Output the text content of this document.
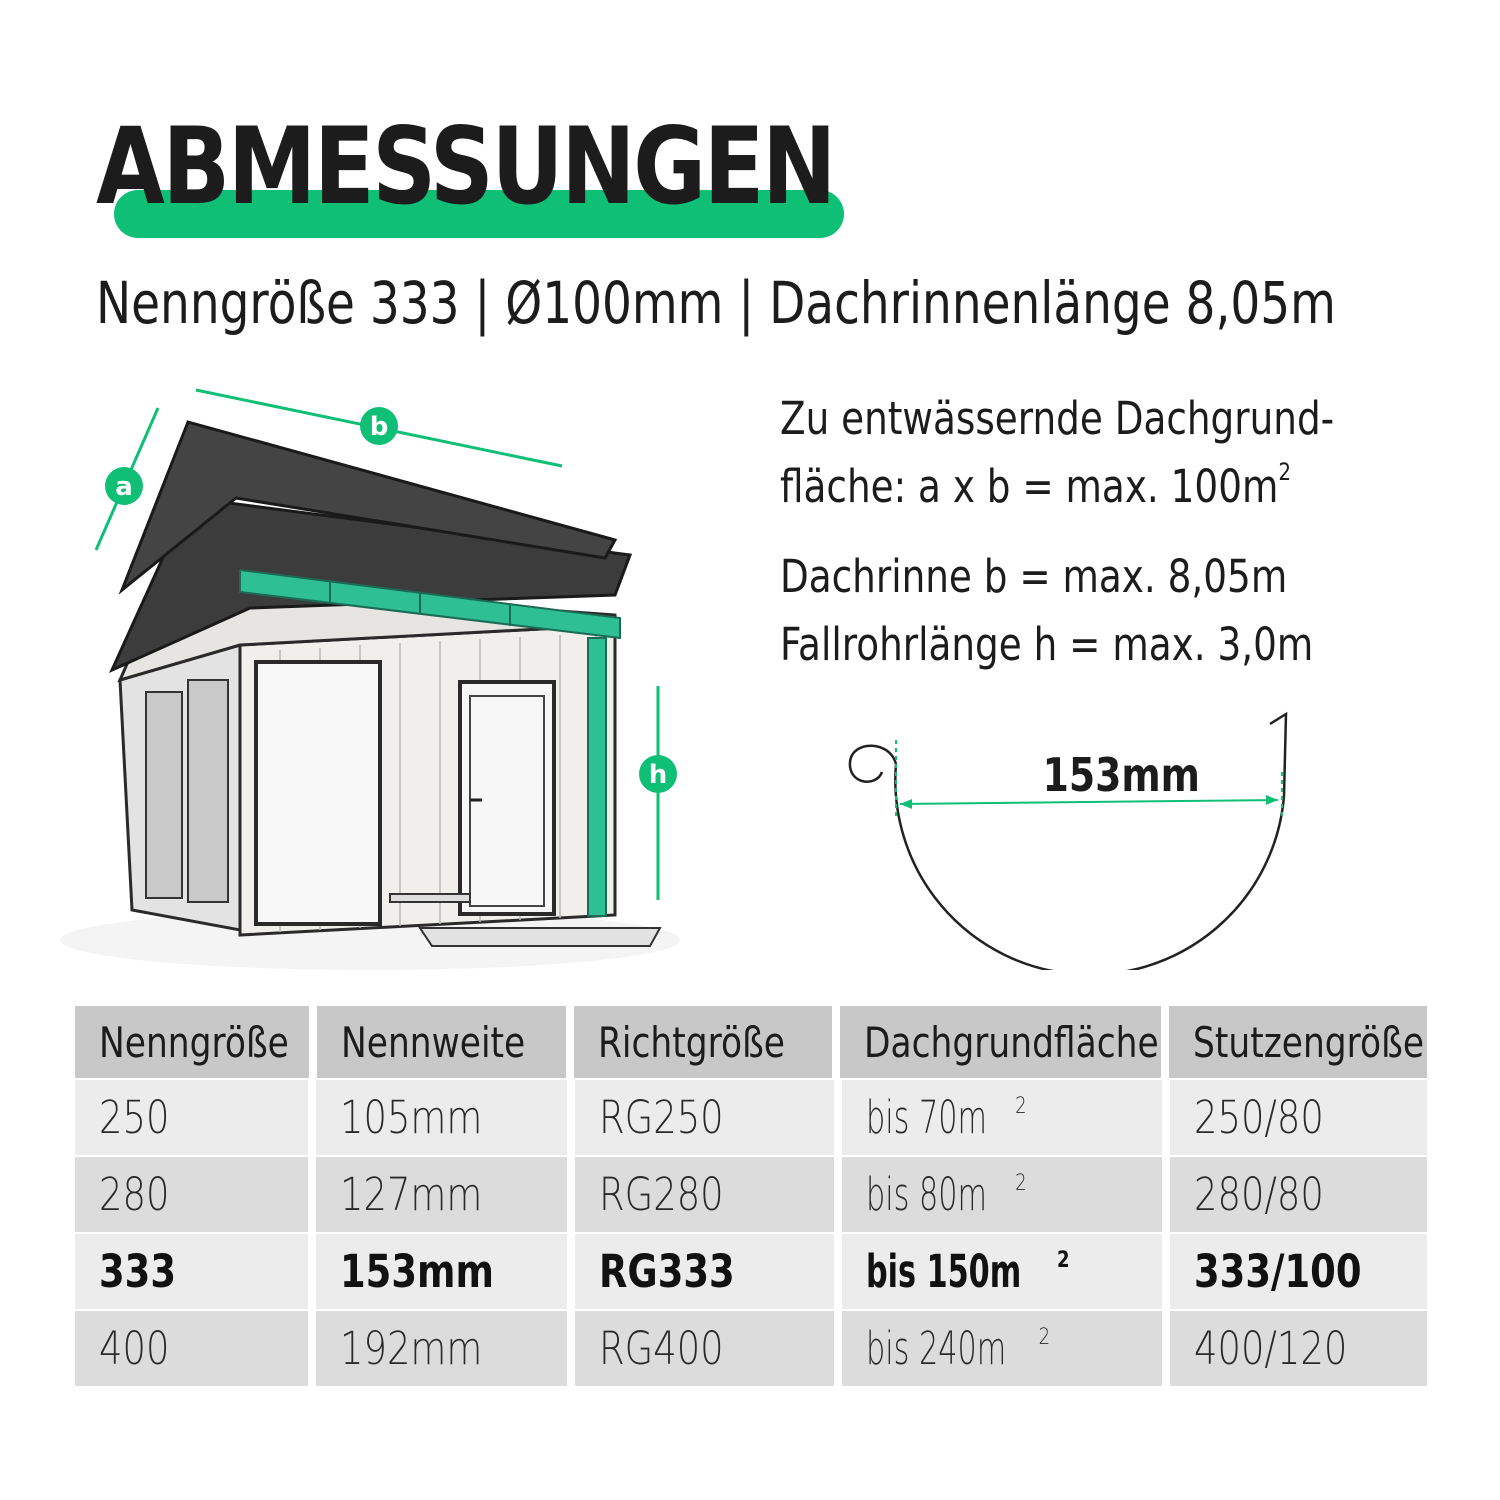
ABMESSUNGEN

Nenngröße 333 | Ø100mm | Dachrinnenlänge 8,05m

a
b
h

Zu entwässernde Dachgrund-

fläche: a x b = max. $100m^2$

Dachrinne b = max. 8,05m

Fallrohrlänge h = max. 3,0m

153mm
Nenngröße Nennweite Richtgröße Dachgrundfläche Stutzengröße
250	105mm	RG250	bis 70m $^2$	250/80
280	127mm	RG280	bis 80m $^2$	280/80
333	153mm RG333	bis 150m $^2$	333/100
400	192mm	RG400	bis 240m $^2$	400/120
